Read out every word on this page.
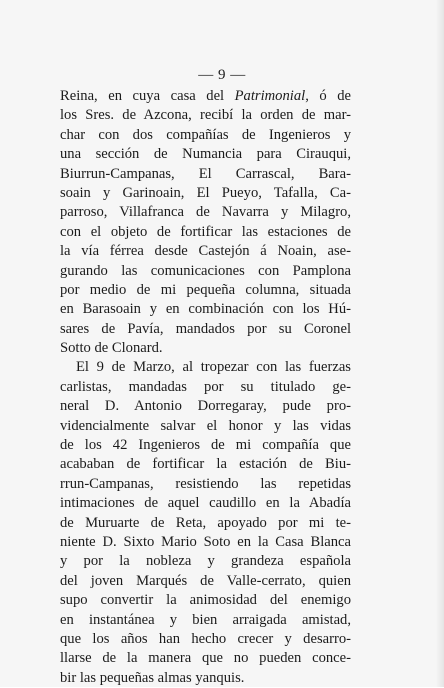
— 9 —
Reina, en cuya casa del Patrimonial, ó de
los Sres. de Azcona, recibí la orden de mar-
char con dos compañías de Ingenieros y
una sección de Numancia para Cirauqui,
Biurrun-Campanas, El Carrascal, Bara-
soain y Garinoain, El Pueyo, Tafalla, Ca-
parroso, Villafranca de Navarra y Milagro,
con el objeto de fortificar las estaciones de
la vía férrea desde Castejón á Noain, ase-
gurando las comunicaciones con Pamplona
por medio de mi pequeña columna, situada
en Barasoain y en combinación con los Hú-
sares de Pavía, mandados por su Coronel
Sotto de Clonard.
El 9 de Marzo, al tropezar con las fuerzas
carlistas, mandadas por su titulado ge-
neral D. Antonio Dorregaray, pude pro-
videncialmente salvar el honor y las vidas
de los 42 Ingenieros de mi compañía que
acababan de fortificar la estación de Biu-
rrun-Campanas, resistiendo las repetidas
intimaciones de aquel caudillo en la Abadía
de Muruarte de Reta, apoyado por mi te-
niente D. Sixto Mario Soto en la Casa Blanca
y por la nobleza y grandeza española
del joven Marqués de Valle-cerrato, quien
supo convertir la animosidad del enemigo
en instantánea y bien arraigada amistad,
que los años han hecho crecer y desarro-
llarse de la manera que no pueden conce-
bir las pequeñas almas yanquis.
